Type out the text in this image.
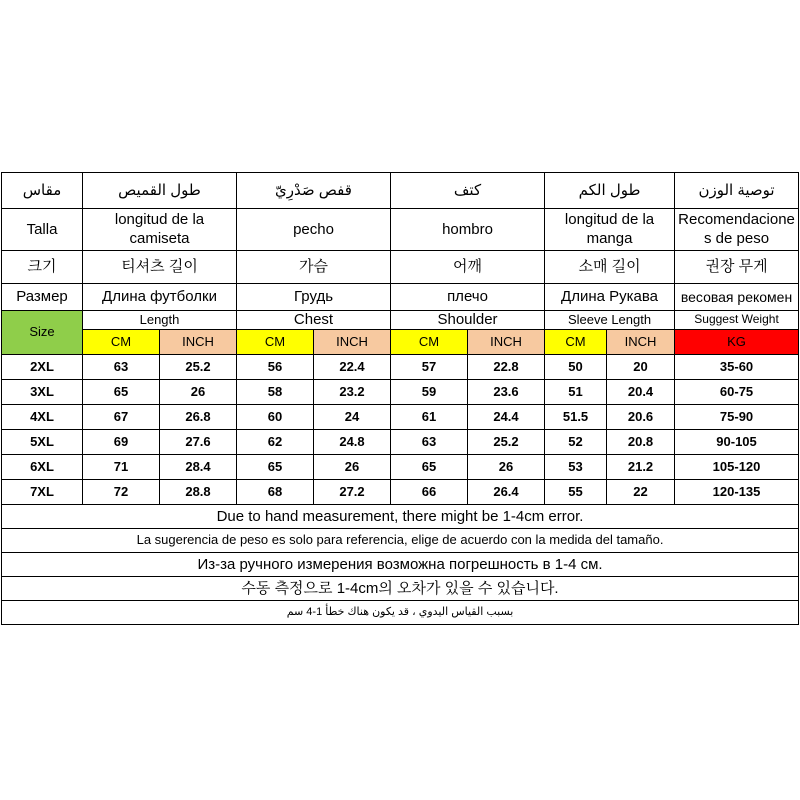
مقاس	طول القميص		قفص صَدْرِيّ		كتف		طول الكم		توصية الوزن
Talla	longitud de la camiseta		pecho		hombro		longitud de la manga		Recomendaciones de peso
크기	티셔츠 길이		가슴		어깨		소매 길이		권장 무게
Размер	Длина футболки		Грудь		плечо		Длина Рукава		весовая рекомен
Size	Length		Chest		Shoulder		Sleeve Length		Suggest Weight
	CM	INCH	CM	INCH	CM	INCH	CM	INCH	KG
2XL	63	25.2	56	22.4	57	22.8	50	20	35-60
3XL	65	26	58	23.2	59	23.6	51	20.4	60-75
4XL	67	26.8	60	24	61	24.4	51.5	20.6	75-90
5XL	69	27.6	62	24.8	63	25.2	52	20.8	90-105
6XL	71	28.4	65	26	65	26	53	21.2	105-120
7XL	72	28.8	68	27.2	66	26.4	55	22	120-135
Due to hand measurement, there might be 1-4cm error.									
La sugerencia de peso es solo para referencia, elige de acuerdo con la medida del tamaño.									
Из-за ручного измерения возможна погрешность в 1-4 см.									
수동 측정으로 1-4cm의 오차가 있을 수 있습니다.									
بسبب القياس اليدوي ، قد يكون هناك خطأ 1-4 سم									
